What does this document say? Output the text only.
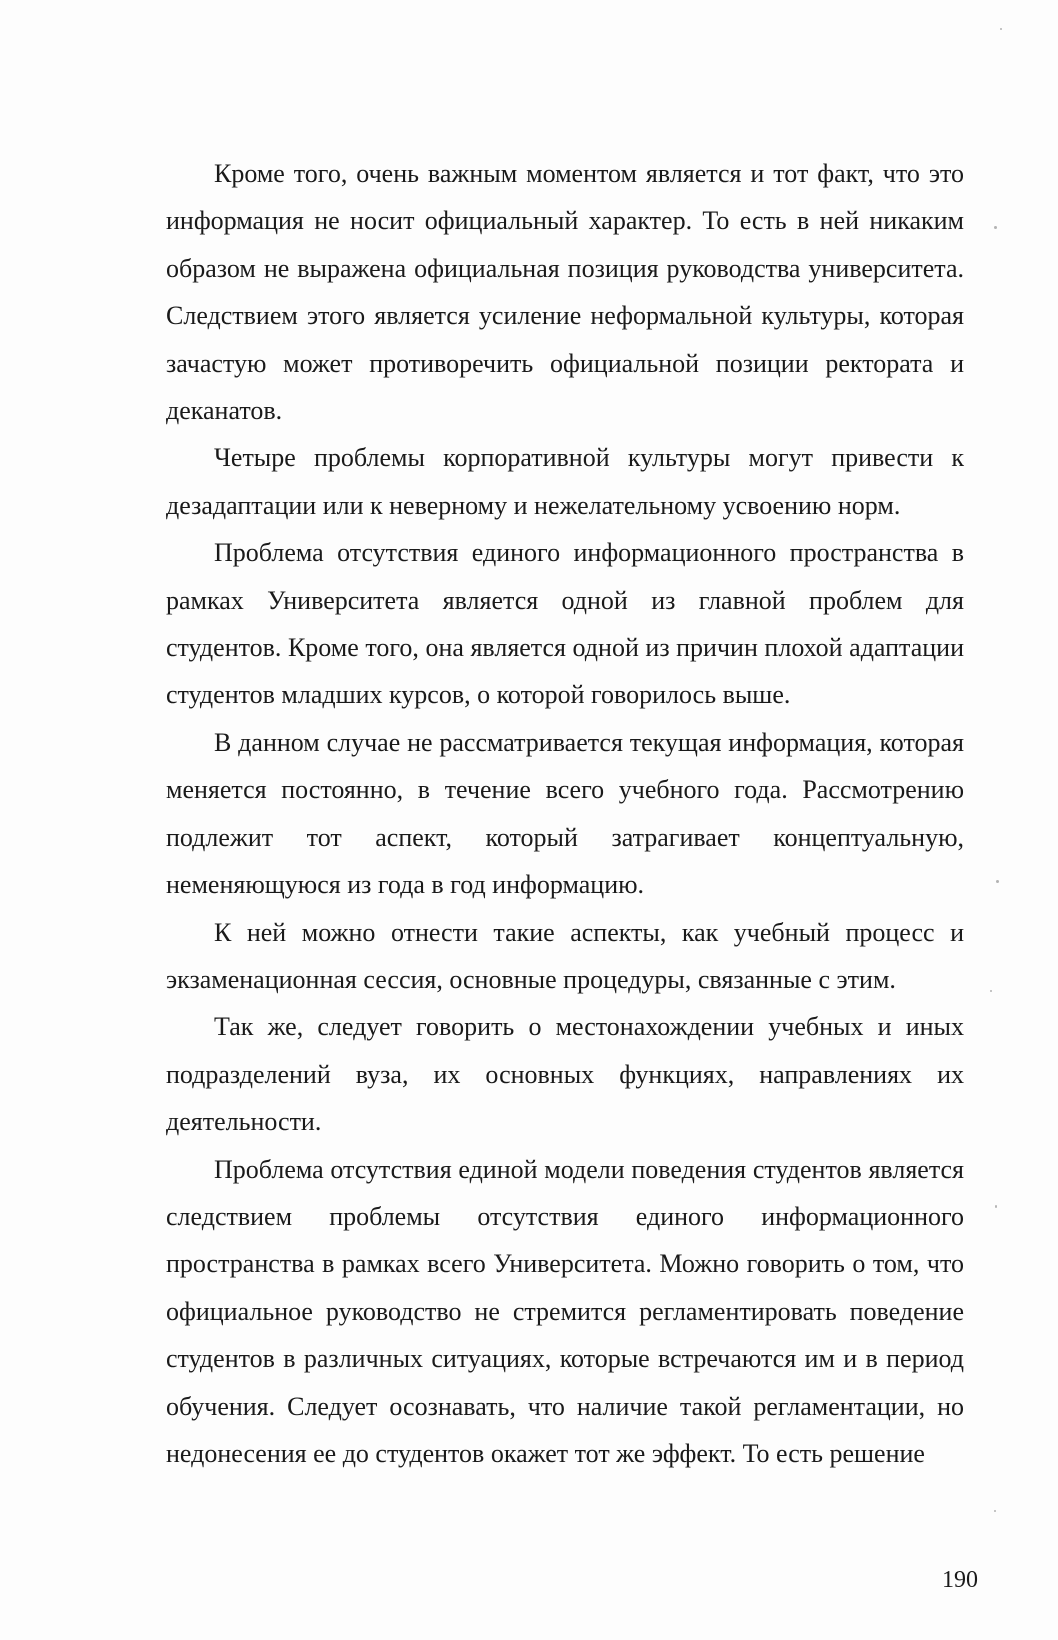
Кроме того, очень важным моментом является и тот факт, что это информация не носит официальный характер. То есть в ней никаким образом не выражена официальная позиция руководства университета. Следствием этого является усиление неформальной культуры, которая зачастую может противоречить официальной позиции ректората и деканатов.

Четыре проблемы корпоративной культуры могут привести к дезадаптации или к неверному и нежелательному усвоению норм.

Проблема отсутствия единого информационного пространства в рамках Университета является одной из главной проблем для студентов. Кроме того, она является одной из причин плохой адаптации студентов младших курсов, о которой говорилось выше.

В данном случае не рассматривается текущая информация, которая меняется постоянно, в течение всего учебного года. Рассмотрению подлежит тот аспект, который затрагивает концептуальную, неменяющуюся из года в год информацию.

К ней можно отнести такие аспекты, как учебный процесс и экзаменационная сессия, основные процедуры, связанные с этим.

Так же, следует говорить о местонахождении учебных и иных подразделений вуза, их основных функциях, направлениях их деятельности.

Проблема отсутствия единой модели поведения студентов является следствием проблемы отсутствия единого информационного пространства в рамках всего Университета. Можно говорить о том, что официальное руководство не стремится регламентировать поведение студентов в различных ситуациях, которые встречаются им и в период обучения. Следует осознавать, что наличие такой регламентации, но недонесения ее до студентов окажет тот же эффект. То есть решение

190
